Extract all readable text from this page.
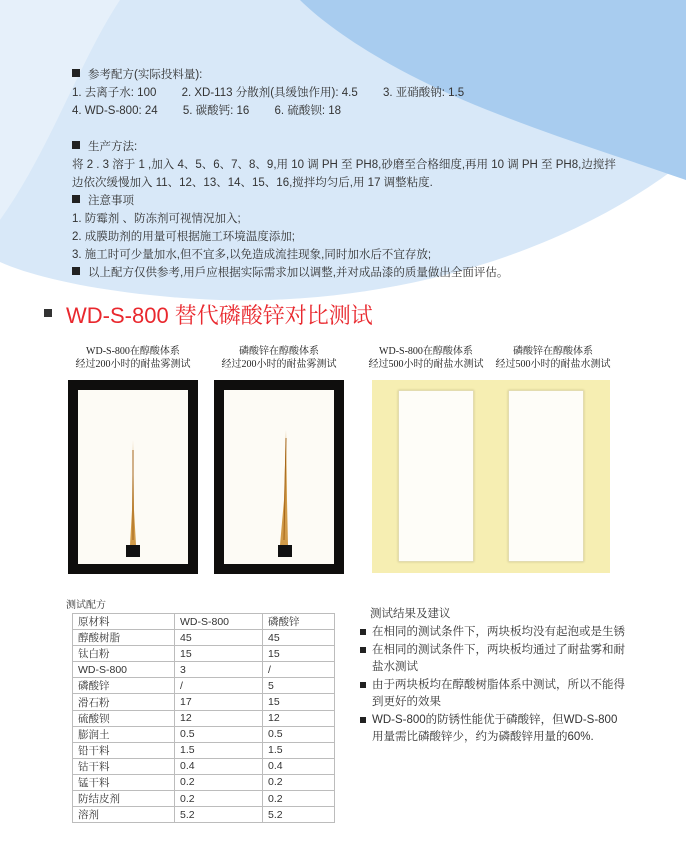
参考配方(实际投料量):
1. 去离子水: 100 2. XD-113 分散剂(具缓蚀作用): 4.5 3. 亚硝酸钠: 1.5
4. WD-S-800: 24 5. 碳酸钙: 16 6. 硫酸钡: 18
生产方法:
将 2 . 3 溶于 1 ,加入 4、5、6、7、8、9,用 10 调 PH 至 PH8,砂磨至合格细度,再用 10 调 PH 至 PH8,边搅拌
边依次缓慢加入 11、12、13、14、15、16,搅拌均匀后,用 17 调整粘度.
注意事项
1. 防霉剂 、防冻剂可视情况加入;
2. 成膜助剂的用量可根据施工环境温度添加;
3. 施工时可少量加水,但不宜多,以免造成流挂现象,同时加水后不宜存放;
以上配方仅供参考,用戶应根据实际需求加以调整,并对成品漆的质量做出全面评估。
WD-S-800 替代磷酸锌对比测试
WD-S-800在醇酸体系
经过200小时的耐盐雾测试
磷酸锌在醇酸体系
经过200小时的耐盐雾测试
WD-S-800在醇酸体系
经过500小时的耐盐水测试
磷酸锌在醇酸体系
经过500小时的耐盐水测试
测试配方
原材料	WD-S-800	磷酸锌
醇酸树脂	45	45
钛白粉	15	15
WD-S-800	3	/
磷酸锌	/	5
滑石粉	17	15
硫酸钡	12	12
膨润土	0.5	0.5
铅干料	1.5	1.5
钴干料	0.4	0.4
锰干料	0.2	0.2
防结皮剂	0.2	0.2
溶剂	5.2	5.2
测试结果及建议
在相同的测试条件下，两块板均没有起泡或是生锈
在相同的测试条件下，两块板均通过了耐盐雾和耐
盐水测试
由于两块板均在醇酸树脂体系中测试，所以不能得
到更好的效果
WD-S-800的防锈性能优于磷酸锌，但WD-S-800
用量需比磷酸锌少，约为磷酸锌用量的60%.
